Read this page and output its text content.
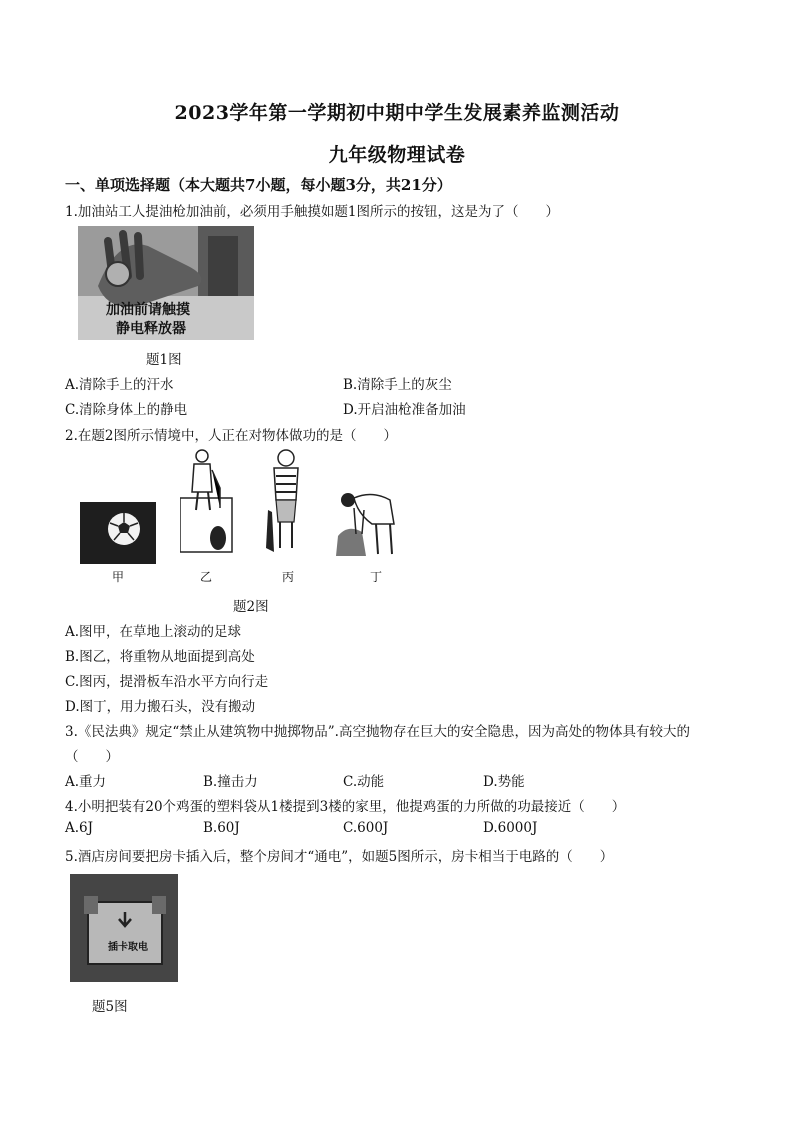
2023学年第一学期初中期中学生发展素养监测活动
九年级物理试卷
一、单项选择题（本大题共7小题，每小题3分，共21分）
1.加油站工人提油枪加油前，必须用手触摸如题1图所示的按钮，这是为了（　　）
加油前请触摸
静电释放器
题1图
A.清除手上的汗水	B.清除手上的灰尘
C.清除身体上的静电	D.开启油枪准备加油
2.在题2图所示情境中，人正在对物体做功的是（　　）
甲	乙	丙	丁
题2图
A.图甲，在草地上滚动的足球
B.图乙，将重物从地面提到高处
C.图丙，提滑板车沿水平方向行走
D.图丁，用力搬石头，没有搬动
3.《民法典》规定“禁止从建筑物中抛掷物品”.高空抛物存在巨大的安全隐患，因为高处的物体具有较大的
（　　）
A.重力	B.撞击力	C.动能	D.势能
4.小明把装有20个鸡蛋的塑料袋从1楼提到3楼的家里，他提鸡蛋的力所做的功最接近（　　）
A.6J	B.60J	C.600J	D.6000J
5.酒店房间要把房卡插入后，整个房间才“通电”，如题5图所示，房卡相当于电路的（　　）
插卡取电
题5图
